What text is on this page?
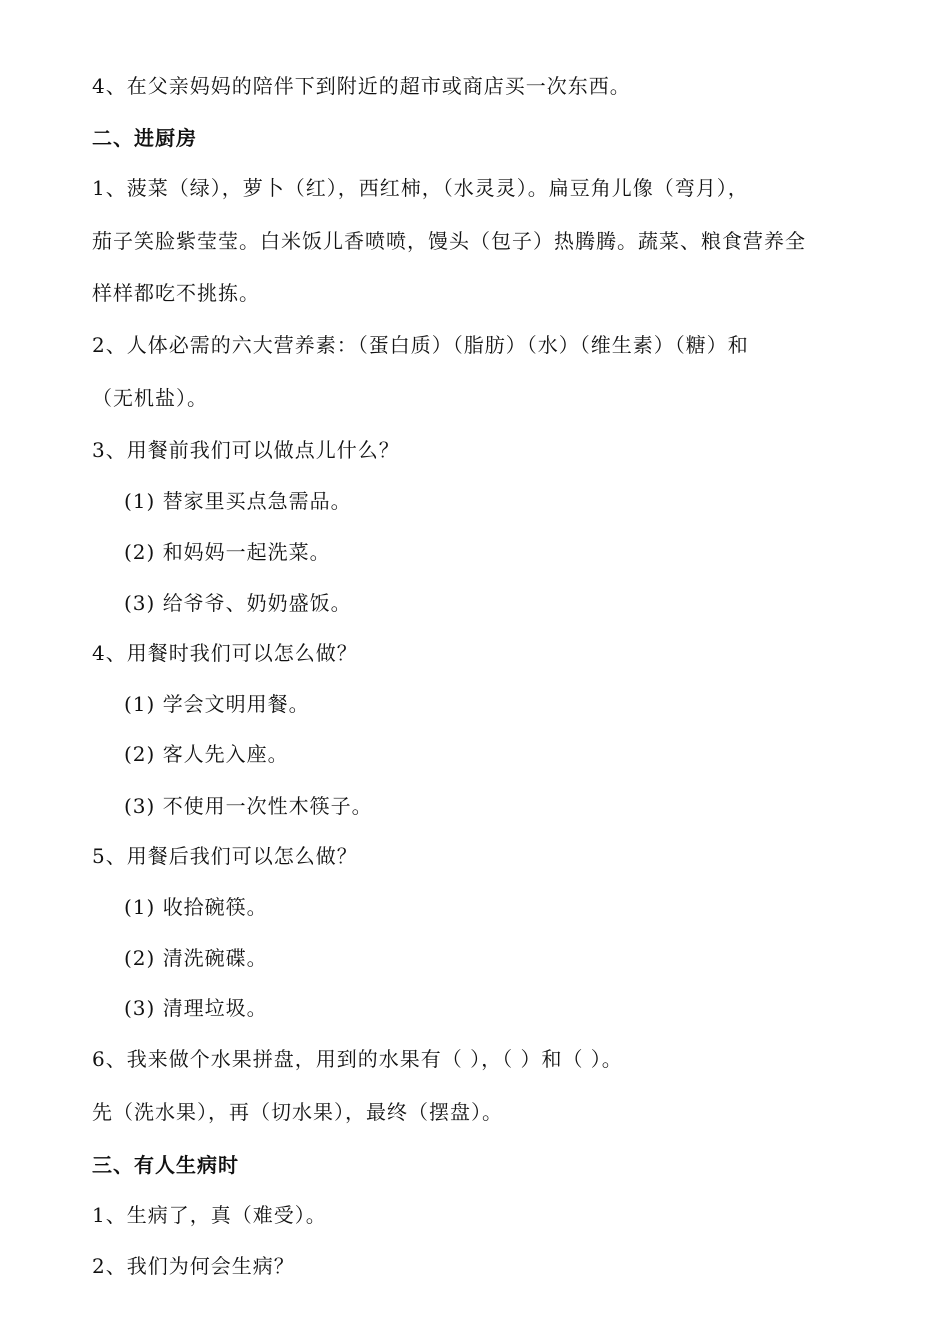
4、在父亲妈妈的陪伴下到附近的超市或商店买一次东西。
二、进厨房
1、菠菜（绿），萝卜（红），西红柿，（水灵灵）。扁豆角儿像（弯月），
茄子笑脸紫莹莹。白米饭儿香喷喷，馒头（包子）热腾腾。蔬菜、粮食营养全
样样都吃不挑拣。
2、人体必需的六大营养素：（蛋白质）（脂肪）（水）（维生素）（糖）和
（无机盐）。
3、用餐前我们可以做点儿什么？
(1) 替家里买点急需品。
(2) 和妈妈一起洗菜。
(3) 给爷爷、奶奶盛饭。
4、用餐时我们可以怎么做？
(1) 学会文明用餐。
(2) 客人先入座。
(3) 不使用一次性木筷子。
5、用餐后我们可以怎么做？
(1) 收拾碗筷。
(2) 清洗碗碟。
(3) 清理垃圾。
6、我来做个水果拼盘，用到的水果有（ ），（ ）和（ ）。
先（洗水果），再（切水果），最终（摆盘）。
三、有人生病时
1、生病了，真（难受）。
2、我们为何会生病？
